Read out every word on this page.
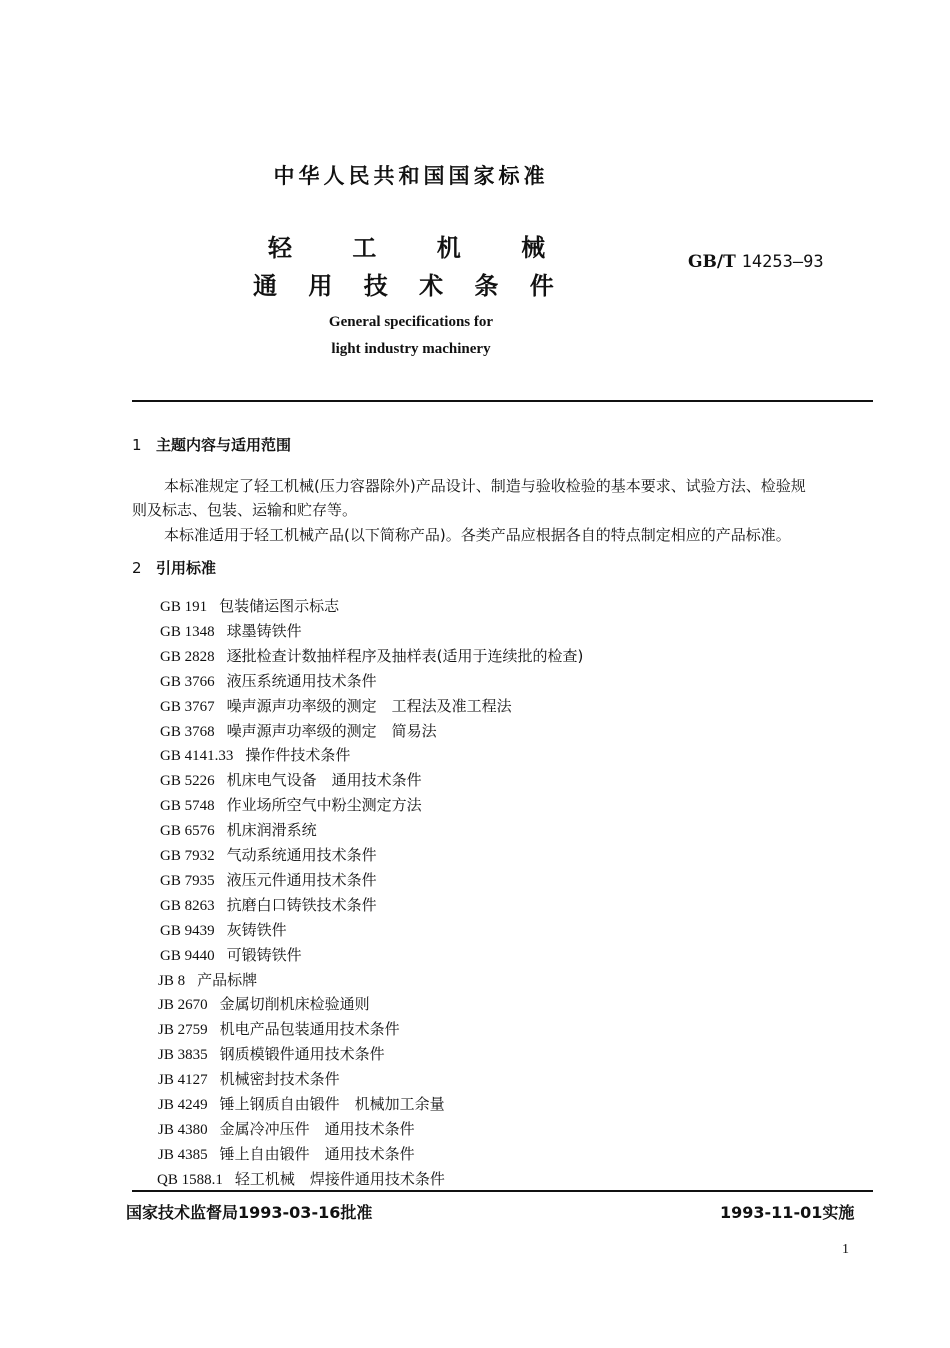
中华人民共和国国家标准
轻 工 机 械
通 用 技 术 条 件
GB/T 14253—93
General specifications for
light industry machinery
1 主题内容与适用范围
本标准规定了轻工机械(压力容器除外)产品设计、制造与验收检验的基本要求、试验方法、检验规
则及标志、包装、运输和贮存等。
本标准适用于轻工机械产品(以下简称产品)。各类产品应根据各自的特点制定相应的产品标准。
2 引用标准
GB 191 包装储运图示标志
GB 1348 球墨铸铁件
GB 2828 逐批检查计数抽样程序及抽样表(适用于连续批的检查)
GB 3766 液压系统通用技术条件
GB 3767 噪声源声功率级的测定　工程法及准工程法
GB 3768 噪声源声功率级的测定　简易法
GB 4141.33 操作件技术条件
GB 5226 机床电气设备　通用技术条件
GB 5748 作业场所空气中粉尘测定方法
GB 6576 机床润滑系统
GB 7932 气动系统通用技术条件
GB 7935 液压元件通用技术条件
GB 8263 抗磨白口铸铁技术条件
GB 9439 灰铸铁件
GB 9440 可锻铸铁件
JB 8 产品标牌
JB 2670 金属切削机床检验通则
JB 2759 机电产品包装通用技术条件
JB 3835 钢质模锻件通用技术条件
JB 4127 机械密封技术条件
JB 4249 锤上钢质自由锻件　机械加工余量
JB 4380 金属冷冲压件　通用技术条件
JB 4385 锤上自由锻件　通用技术条件
QB 1588.1 轻工机械　焊接件通用技术条件
国家技术监督局1993-03-16批准	1993-11-01实施
1
